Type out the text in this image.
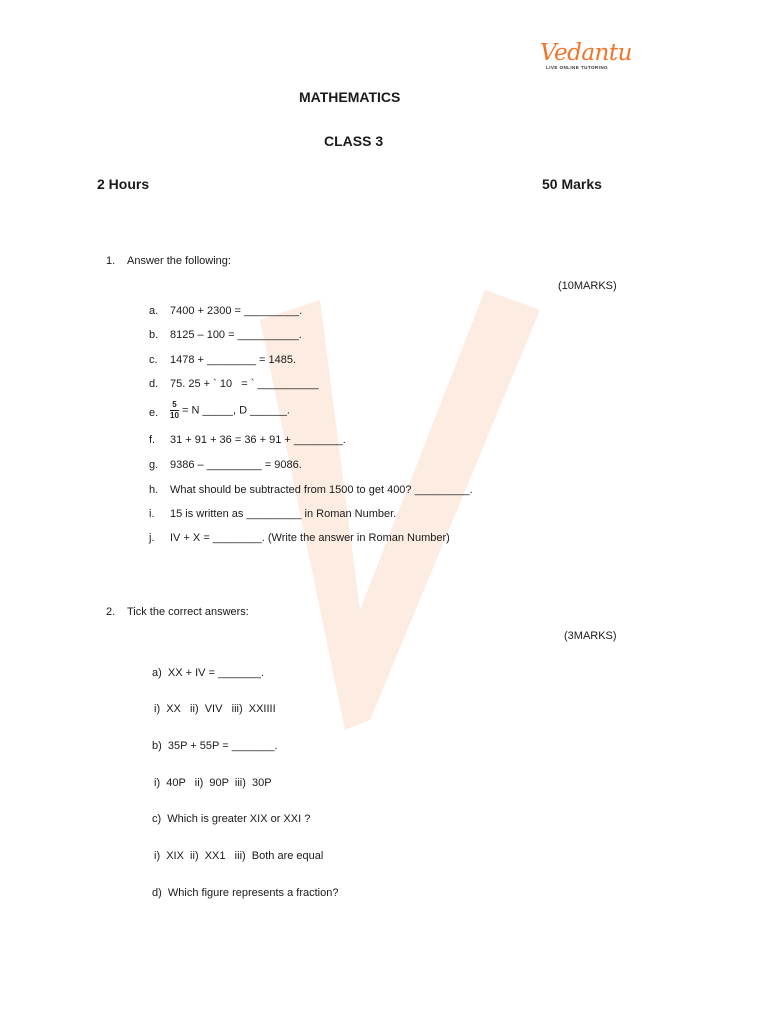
Vedantu
LIVE ONLINE TUTORING
MATHEMATICS
CLASS 3
2 Hours	50 Marks
1. Answer the following:
(10MARKS)
a. 7400 + 2300 = _________.
b. 8125 – 100 = __________.
c. 1478 + ________ = 1485.
d. 75. 25 + ` 10   = ` __________
e. $\frac{5}{10} = N$ _____, D ______.
f. 31 + 91 + 36 = 36 + 91 + ________.
g. 9386 – _________ = 9086.
h. What should be subtracted from 1500 to get 400? _________.
i. 15 is written as _________ in Roman Number.
j. IV + X = ________. (Write the answer in Roman Number)
2. Tick the correct answers:
(3MARKS)
a)  XX + IV = _______.
i)  XX   ii)  VIV   iii)  XXIIII
b)  35P + 55P = _______.
i)  40P   ii)  90P  iii)  30P
c)  Which is greater XIX or XXI ?
i)  XIX  ii)  XX1   iii)  Both are equal
d)  Which figure represents a fraction?
